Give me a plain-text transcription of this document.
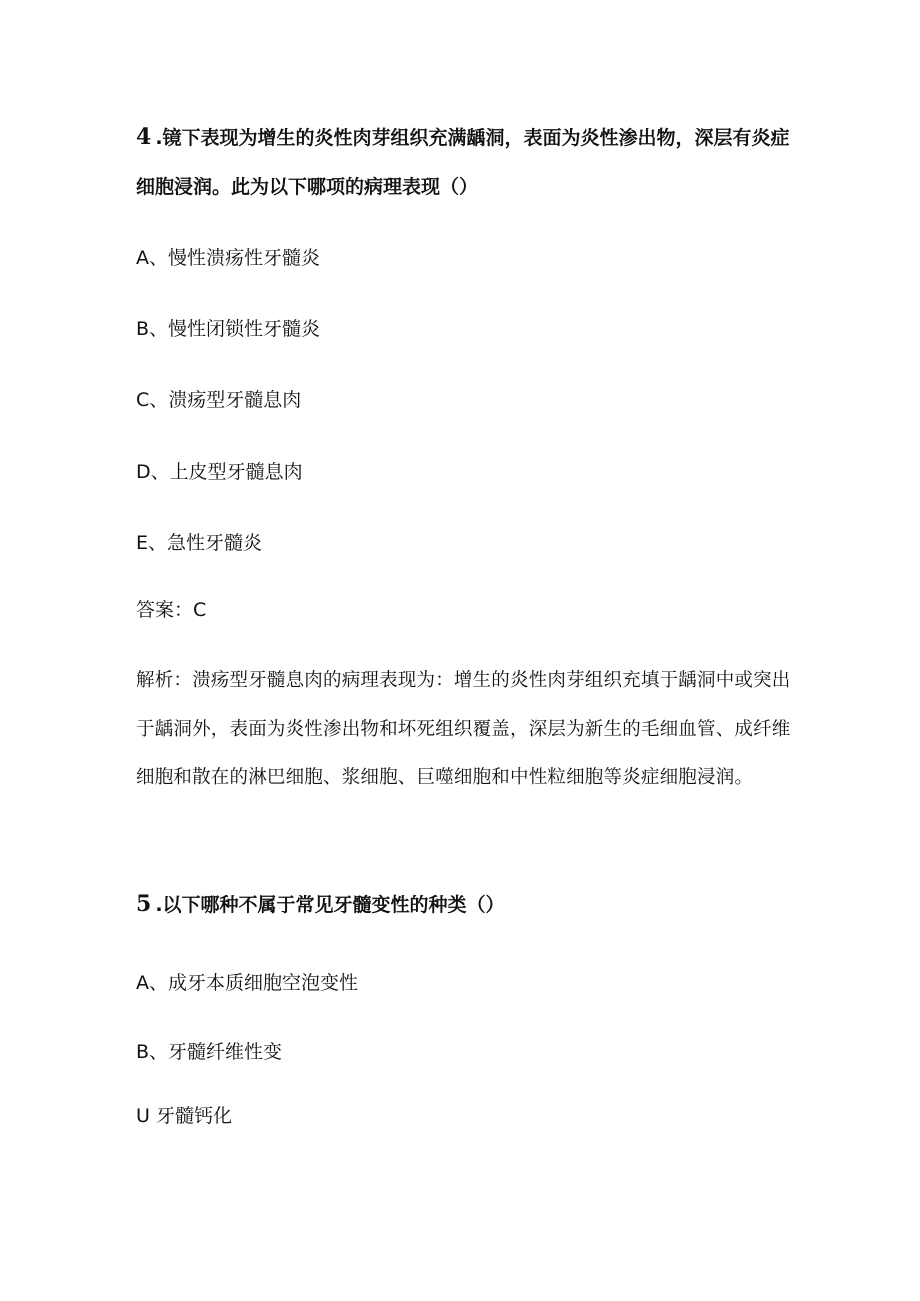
4 .镜下表现为增生的炎性肉芽组织充满龋洞，表面为炎性渗出物，深层有炎症
细胞浸润。此为以下哪项的病理表现（）
A、慢性溃疡性牙髓炎
B、慢性闭锁性牙髓炎
C、溃疡型牙髓息肉
D、上皮型牙髓息肉
E、急性牙髓炎
答案：C
解析：溃疡型牙髓息肉的病理表现为：增生的炎性肉芽组织充填于龋洞中或突出
于龋洞外，表面为炎性渗出物和坏死组织覆盖，深层为新生的毛细血管、成纤维
细胞和散在的淋巴细胞、浆细胞、巨噬细胞和中性粒细胞等炎症细胞浸润。
5 .以下哪种不属于常见牙髓变性的种类（）
A、成牙本质细胞空泡变性
B、牙髓纤维性变
U 牙髓钙化
